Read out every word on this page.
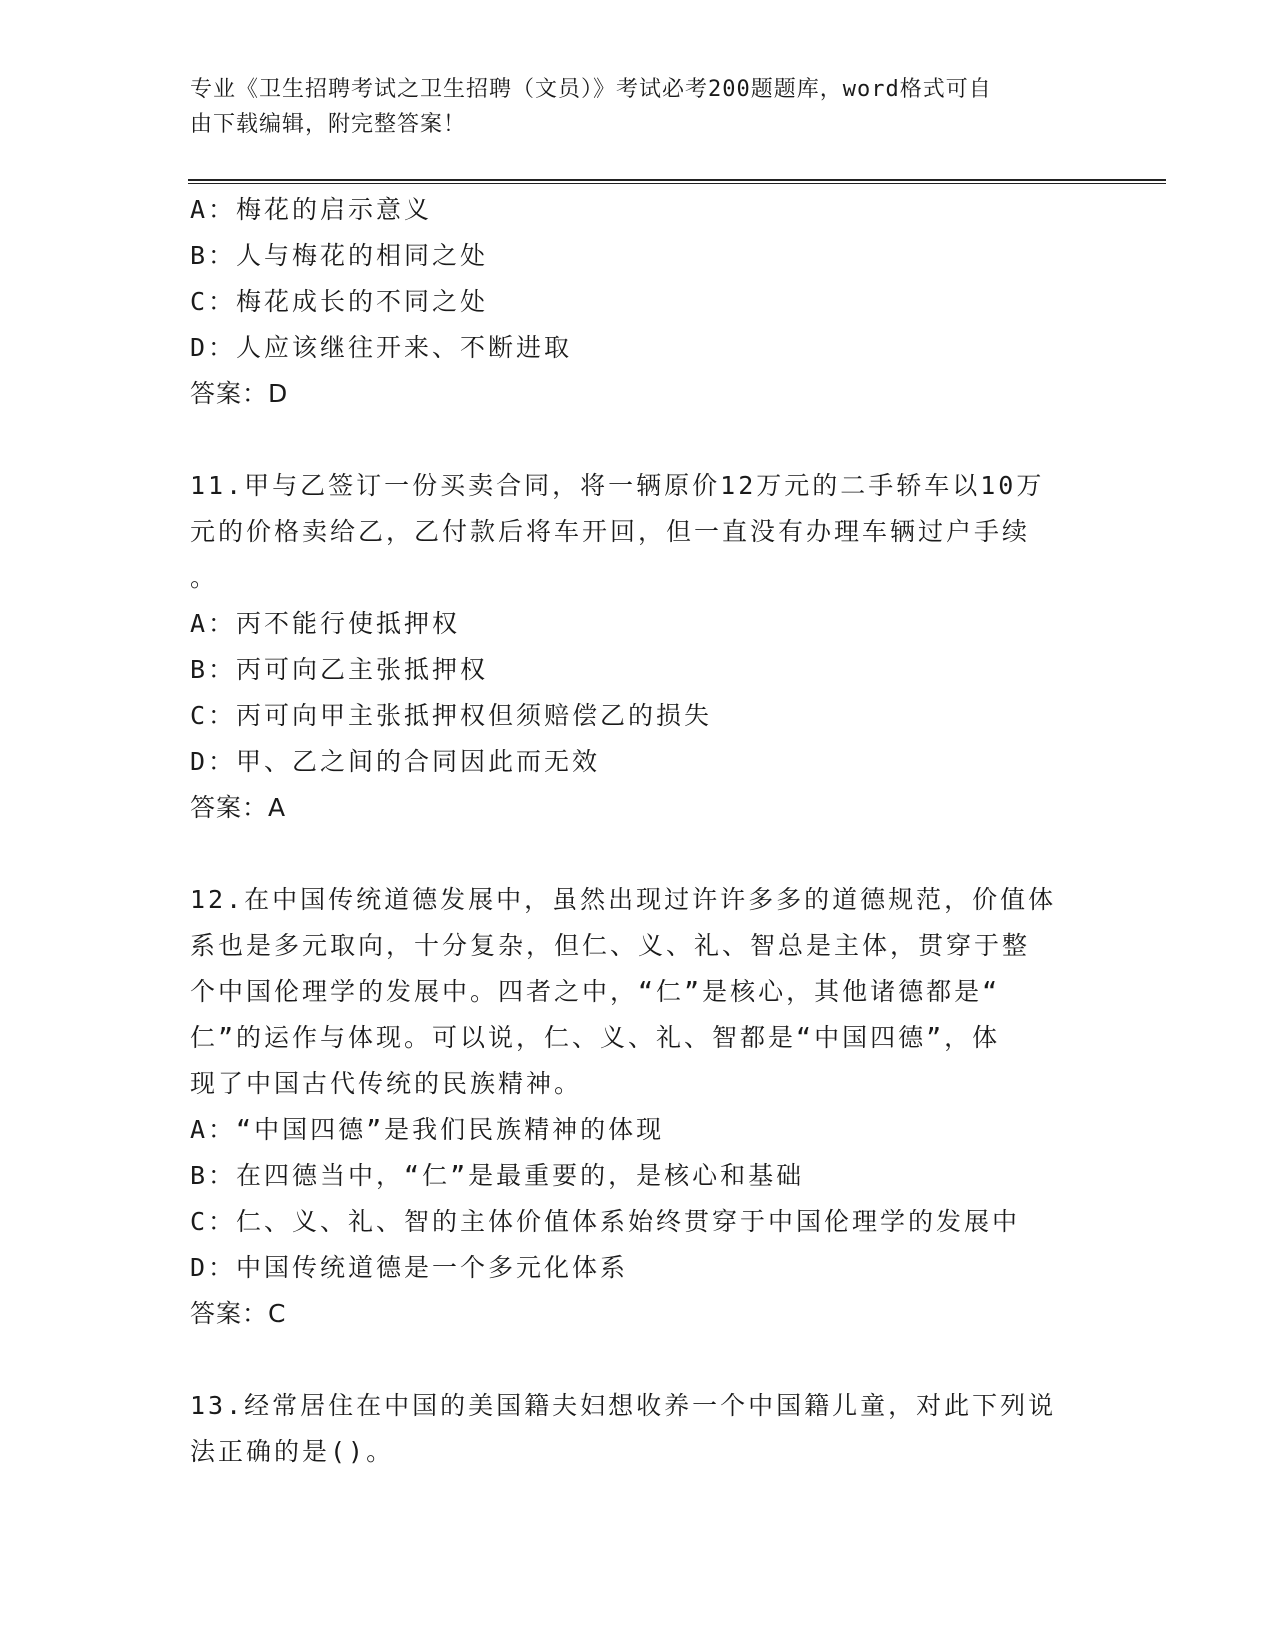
专业《卫生招聘考试之卫生招聘（文员）》考试必考200题题库，word格式可自
由下载编辑，附完整答案！

A：梅花的启示意义

B：人与梅花的相同之处

C：梅花成长的不同之处

D：人应该继往开来、不断进取

答案：D

11.甲与乙签订一份买卖合同，将一辆原价12万元的二手轿车以10万
元的价格卖给乙，乙付款后将车开回，但一直没有办理车辆过户手续
。

A：丙不能行使抵押权

B：丙可向乙主张抵押权

C：丙可向甲主张抵押权但须赔偿乙的损失

D：甲、乙之间的合同因此而无效

答案：A

12.在中国传统道德发展中，虽然出现过许许多多的道德规范，价值体
系也是多元取向，十分复杂，但仁、义、礼、智总是主体，贯穿于整
个中国伦理学的发展中。四者之中，“仁”是核心，其他诸德都是“
仁”的运作与体现。可以说，仁、义、礼、智都是“中国四德”，体
现了中国古代传统的民族精神。

A：“中国四德”是我们民族精神的体现

B：在四德当中，“仁”是最重要的，是核心和基础

C：仁、义、礼、智的主体价值体系始终贯穿于中国伦理学的发展中

D：中国传统道德是一个多元化体系

答案：C

13.经常居住在中国的美国籍夫妇想收养一个中国籍儿童，对此下列说
法正确的是()。
